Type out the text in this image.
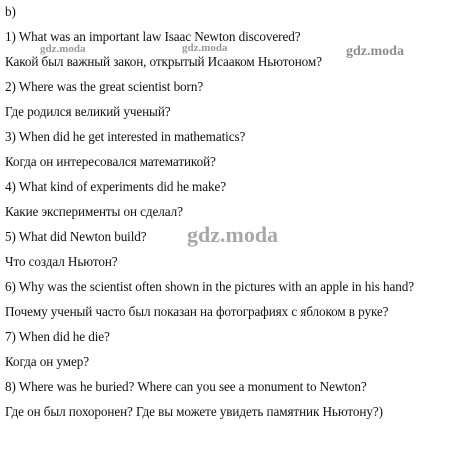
b)
1) What was an important law Isaac Newton discovered?
Какой был важный закон, открытый Исааком Ньютоном?
2) Where was the great scientist born?
Где родился великий ученый?
3) When did he get interested in mathematics?
Когда он интересовался математикой?
4) What kind of experiments did he make?
Какие эксперименты он сделал?
5) What did Newton build?
Что создал Ньютон?
6) Why was the scientist often shown in the pictures with an apple in his hand?
Почему ученый часто был показан на фотографиях с яблоком в руке?
7) When did he die?
Когда он умер?
8) Where was he buried? Where can you see a monument to Newton?
Где он был похоронен? Где вы можете увидеть памятник Ньютону?)
gdz.moda	gdz.moda	gdz.moda
gdz.moda
